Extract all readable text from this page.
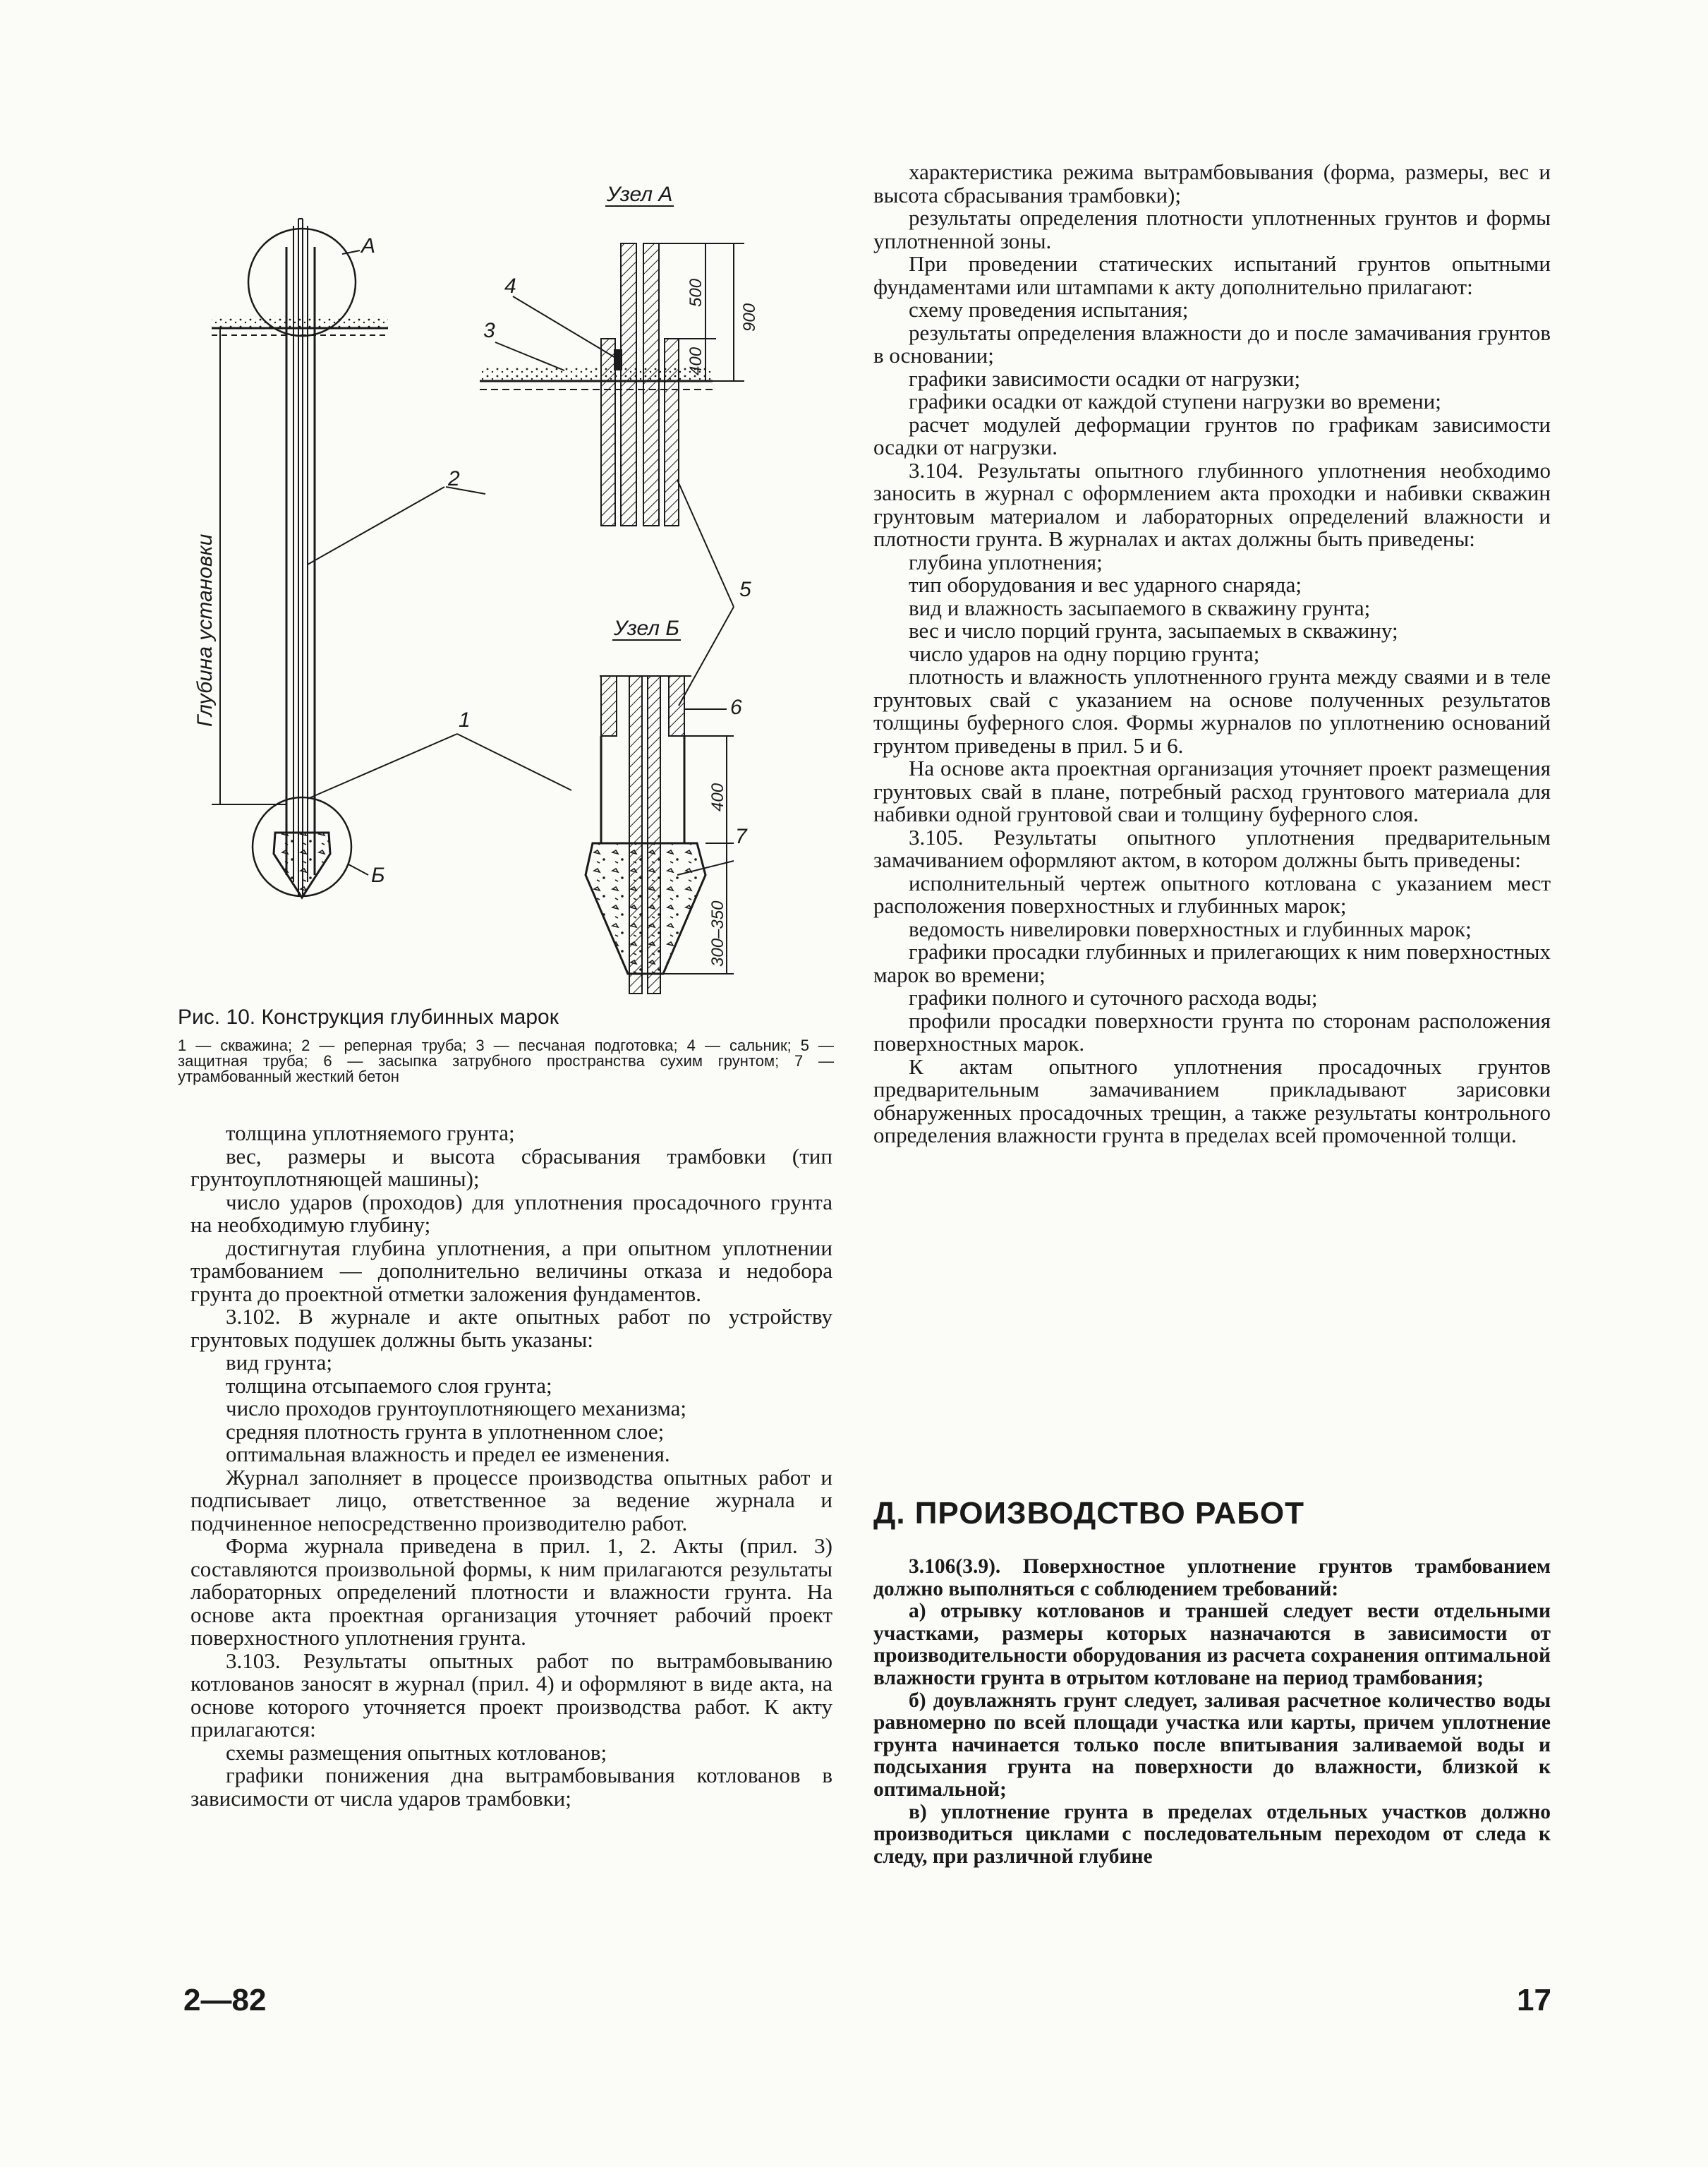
Глубина установки
А
Б
2
1
Узел А
500
900
400
4
3
5
Узел Б
400
300–350
6
7

Рис. 10. Конструкция глубинных марок

1 — скважина; 2 — реперная труба; 3 — песчаная подготовка; 4 — сальник; 5 — защитная труба; 6 — засыпка затрубного пространства сухим грунтом; 7 — утрамбованный жесткий бетон

толщина уплотняемого грунта;

вес, размеры и высота сбрасывания трамбовки (тип грунтоуплотняющей машины);

число ударов (проходов) для уплотнения просадочного грунта на необходимую глубину;

достигнутая глубина уплотнения, а при опытном уплотнении трамбованием — дополнительно величины отказа и недобора грунта до проектной отметки заложения фундаментов.

3.102. В журнале и акте опытных работ по устройству грунтовых подушек должны быть указаны:

вид грунта;

толщина отсыпаемого слоя грунта;

число проходов грунтоуплотняющего механизма;

средняя плотность грунта в уплотненном слое;

оптимальная влажность и предел ее изменения.

Журнал заполняет в процессе производства опытных работ и подписывает лицо, ответственное за ведение журнала и подчиненное непосредственно производителю работ.

Форма журнала приведена в прил. 1, 2. Акты (прил. 3) составляются произвольной формы, к ним прилагаются результаты лабораторных определений плотности и влажности грунта. На основе акта проектная организация уточняет рабочий проект поверхностного уплотнения грунта.

3.103. Результаты опытных работ по вытрамбовыванию котлованов заносят в журнал (прил. 4) и оформляют в виде акта, на основе которого уточняется проект производства работ. К акту прилагаются:

схемы размещения опытных котлованов;

графики понижения дна вытрамбовывания котлованов в зависимости от числа ударов трамбовки;

характеристика режима вытрамбовывания (форма, размеры, вес и высота сбрасывания трамбовки);

результаты определения плотности уплотненных грунтов и формы уплотненной зоны.

При проведении статических испытаний грунтов опытными фундаментами или штампами к акту дополнительно прилагают:

схему проведения испытания;

результаты определения влажности до и после замачивания грунтов в основании;

графики зависимости осадки от нагрузки;

графики осадки от каждой ступени нагрузки во времени;

расчет модулей деформации грунтов по графикам зависимости осадки от нагрузки.

3.104. Результаты опытного глубинного уплотнения необходимо заносить в журнал с оформлением акта проходки и набивки скважин грунтовым материалом и лабораторных определений влажности и плотности грунта. В журналах и актах должны быть приведены:

глубина уплотнения;

тип оборудования и вес ударного снаряда;

вид и влажность засыпаемого в скважину грунта;

вес и число порций грунта, засыпаемых в скважину;

число ударов на одну порцию грунта;

плотность и влажность уплотненного грунта между сваями и в теле грунтовых свай с указанием на основе полученных результатов толщины буферного слоя. Формы журналов по уплотнению оснований грунтом приведены в прил. 5 и 6.

На основе акта проектная организация уточняет проект размещения грунтовых свай в плане, потребный расход грунтового материала для набивки одной грунтовой сваи и толщину буферного слоя.

3.105. Результаты опытного уплотнения предварительным замачиванием оформляют актом, в котором должны быть приведены:

исполнительный чертеж опытного котлована с указанием мест расположения поверхностных и глубинных марок;

ведомость нивелировки поверхностных и глубинных марок;

графики просадки глубинных и прилегающих к ним поверхностных марок во времени;

графики полного и суточного расхода воды;

профили просадки поверхности грунта по сторонам расположения поверхностных марок.

К актам опытного уплотнения просадочных грунтов предварительным замачиванием прикладывают зарисовки обнаруженных просадочных трещин, а также результаты контрольного определения влажности грунта в пределах всей промоченной толщи.

Д. ПРОИЗВОДСТВО РАБОТ

3.106(3.9). Поверхностное уплотнение грунтов трамбованием должно выполняться с соблюдением требований:

а) отрывку котлованов и траншей следует вести отдельными участками, размеры которых назначаются в зависимости от производительности оборудования из расчета сохранения оптимальной влажности грунта в отрытом котловане на период трамбования;

б) доувлажнять грунт следует, заливая расчетное количество воды равномерно по всей площади участка или карты, причем уплотнение грунта начинается только после впитывания заливаемой воды и подсыхания грунта на поверхности до влажности, близкой к оптимальной;

в) уплотнение грунта в пределах отдельных участков должно производиться циклами с последовательным переходом от следа к следу, при различной глубине

2—82	17
